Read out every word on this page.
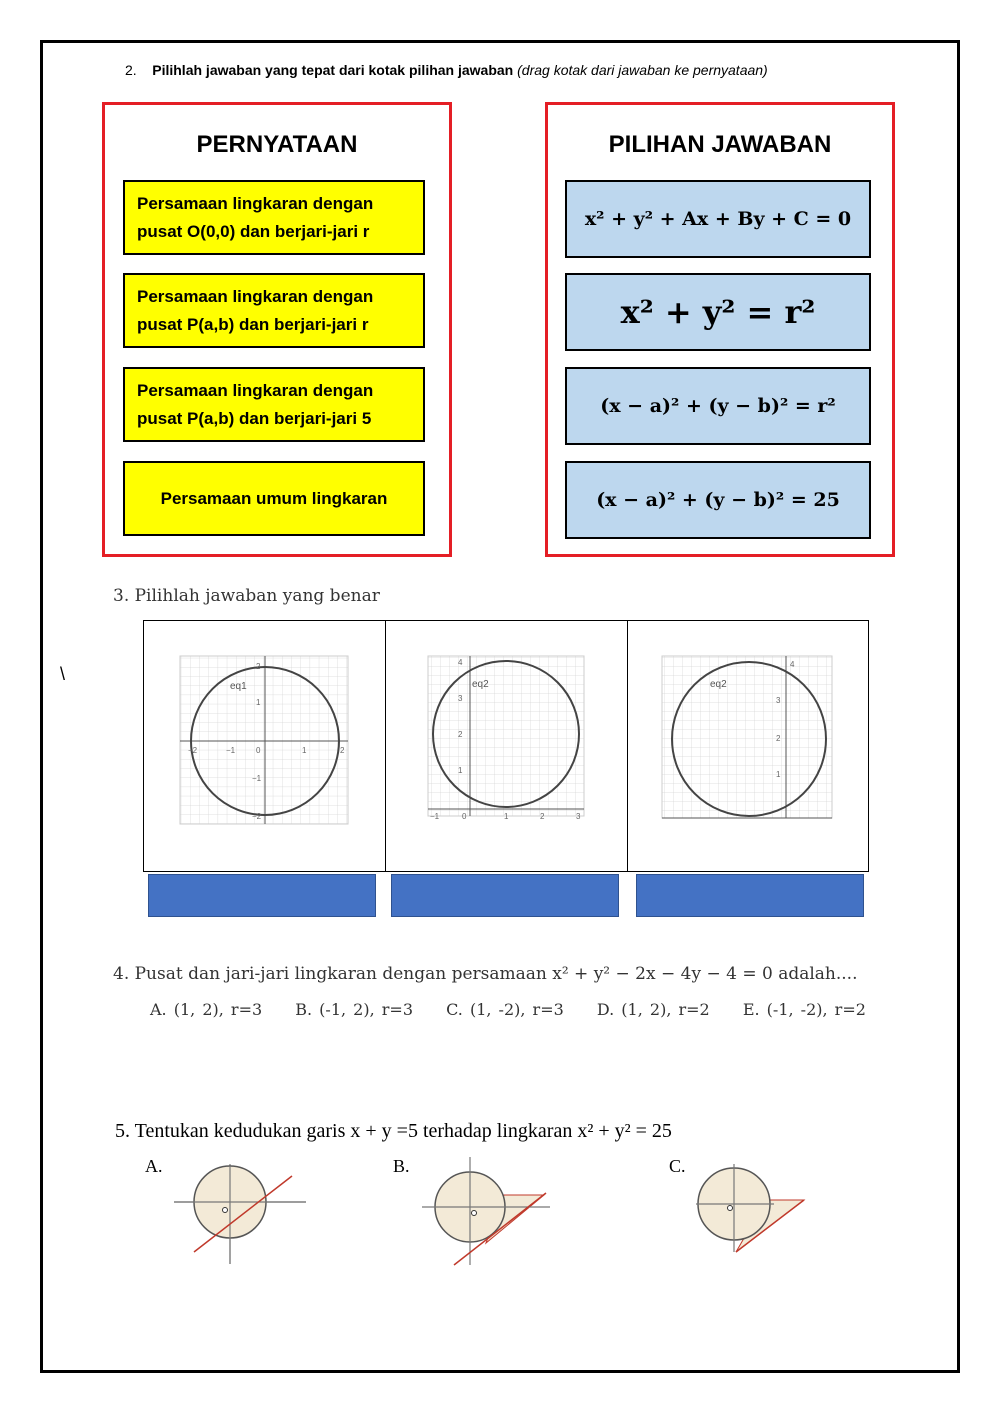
2. Pilihlah jawaban yang tepat dari kotak pilihan jawaban (drag kotak dari jawaban ke pernyataan)
PERNYATAAN
Persamaan lingkaran dengan pusat O(0,0) dan berjari-jari r
Persamaan lingkaran dengan pusat P(a,b) dan berjari-jari r
Persamaan lingkaran dengan pusat P(a,b) dan berjari-jari 5
Persamaan umum lingkaran
PILIHAN JAWABAN
x² + y² + Ax + By + C = 0
x² + y² = r²
(x − a)² + (y − b)² = r²
(x − a)² + (y − b)² = 25
3. Pilihlah jawaban yang benar
\
eq1
−2	−1	0	1	2
2
1
−1
−2
eq2
4
3
2
1
−1	0	1	2	3
eq2
4
3
2
1
4. Pusat dan jari-jari lingkaran dengan persamaan x² + y² − 2x − 4y − 4 = 0 adalah....
A. (1, 2), r=3 B. (-1, 2), r=3 C. (1, -2), r=3 D. (1, 2), r=2 E. (-1, -2), r=2
5. Tentukan kedudukan garis x + y =5 terhadap lingkaran x² + y² = 25
A.	B.	C.
